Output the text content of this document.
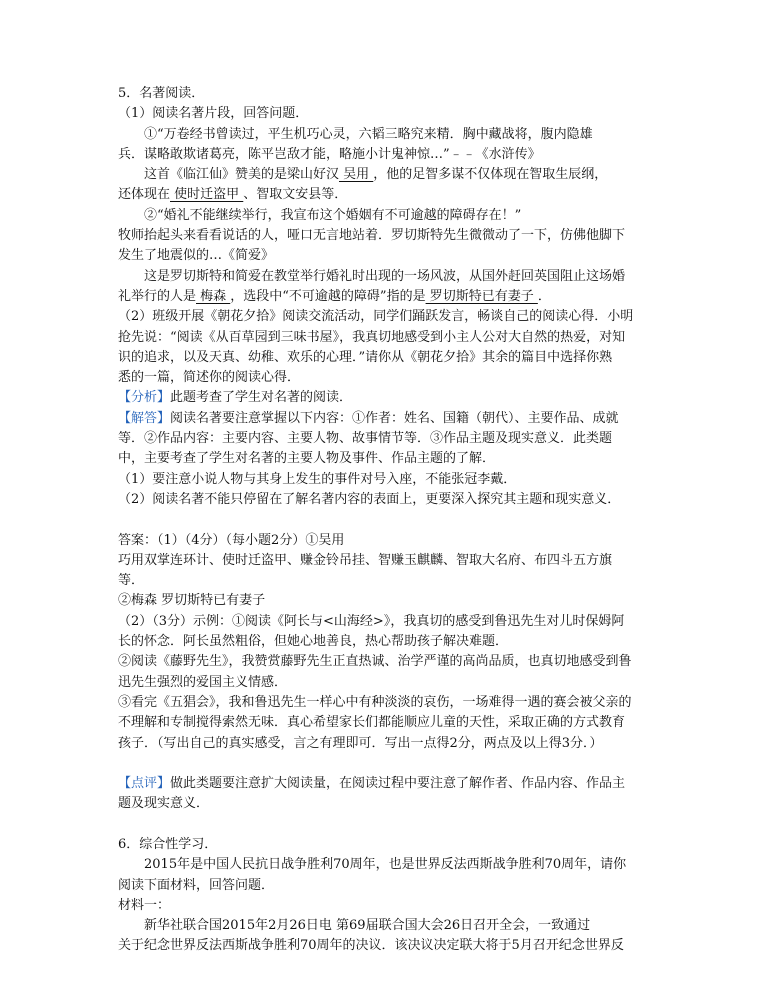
5．名著阅读．
（1）阅读名著片段，回答问题．
①“万卷经书曾读过，平生机巧心灵，六韬三略究来精．胸中藏战将，腹内隐雄
兵．谋略敢欺诸葛亮，陈平岂敌才能，略施小计鬼神惊…”﹣﹣《水浒传》
这首《临江仙》赞美的是梁山好汉 吴用 ，他的足智多谋不仅体现在智取生辰纲，
还体现在 使时迁盗甲 、智取文安县等．
②“婚礼不能继续举行，我宣布这个婚姻有不可逾越的障碍存在！”
牧师抬起头来看看说话的人，哑口无言地站着．罗切斯特先生微微动了一下，仿佛他脚下
发生了地震似的…《简爱》
这是罗切斯特和简爱在教堂举行婚礼时出现的一场风波，从国外赶回英国阻止这场婚
礼举行的人是 梅森 ，选段中“不可逾越的障碍”指的是 罗切斯特已有妻子 ．
（2）班级开展《朝花夕拾》阅读交流活动，同学们踊跃发言，畅谈自己的阅读心得．小明
抢先说：“阅读《从百草园到三味书屋》，我真切地感受到小主人公对大自然的热爱，对知
识的追求，以及天真、幼稚、欢乐的心理．”请你从《朝花夕拾》其余的篇目中选择你熟
悉的一篇，简述你的阅读心得．
【分析】此题考查了学生对名著的阅读．
【解答】阅读名著要注意掌握以下内容：①作者：姓名、国籍（朝代）、主要作品、成就
等．②作品内容：主要内容、主要人物、故事情节等．③作品主题及现实意义．此类题
中，主要考查了学生对名著的主要人物及事件、作品主题的了解．
（1）要注意小说人物与其身上发生的事件对号入座，不能张冠李戴．
（2）阅读名著不能只停留在了解名著内容的表面上，更要深入探究其主题和现实意义．
答案：（1）（4分）（每小题2分）①吴用
巧用双掌连环计、使时迁盗甲、赚金铃吊挂、智赚玉麒麟、智取大名府、布四斗五方旗
等．
②梅森 罗切斯特已有妻子
（2）（3分）示例：①阅读《阿长与<山海经>》，我真切的感受到鲁迅先生对儿时保姆阿
长的怀念．阿长虽然粗俗，但她心地善良，热心帮助孩子解决难题．
②阅读《藤野先生》，我赞赏藤野先生正直热诚、治学严谨的高尚品质，也真切地感受到鲁
迅先生强烈的爱国主义情感．
③看完《五猖会》，我和鲁迅先生一样心中有种淡淡的哀伤，一场难得一遇的赛会被父亲的
不理解和专制搅得索然无味．真心希望家长们都能顺应儿童的天性，采取正确的方式教育
孩子．（写出自己的真实感受，言之有理即可．写出一点得2分，两点及以上得3分．）
【点评】做此类题要注意扩大阅读量，在阅读过程中要注意了解作者、作品内容、作品主
题及现实意义．
6．综合性学习．
2015年是中国人民抗日战争胜利70周年，也是世界反法西斯战争胜利70周年，请你
阅读下面材料，回答问题．
材料一：
新华社联合国2015年2月26日电 第69届联合国大会26日召开全会，一致通过
关于纪念世界反法西斯战争胜利70周年的决议．该决议决定联大将于5月召开纪念世界反
